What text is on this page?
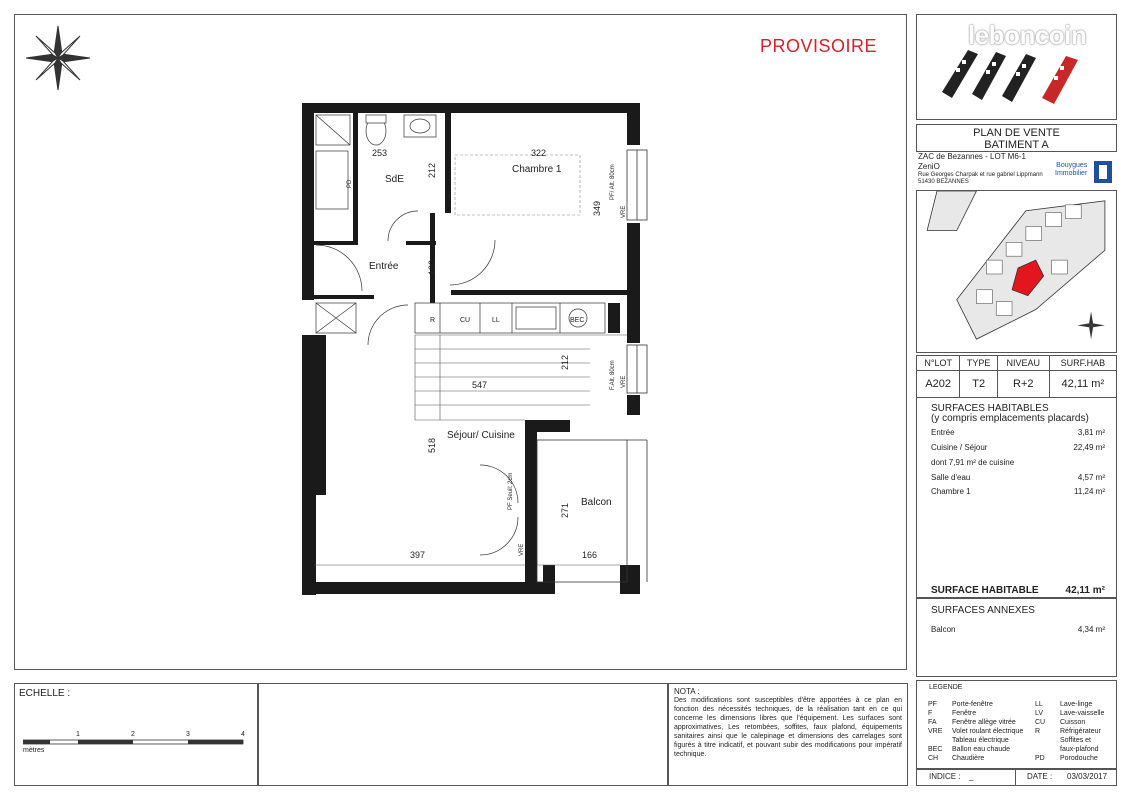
PROVISOIRE	leboncoin
PLAN DE VENTE
BATIMENT A
ZAC de Bezannes - LOT M6-1
ZeniO
Rue Georges Charpak et rue gabriel Lippmann
51430 BEZANNES
Bouygues
Immobilier
N°LOT	TYPE	NIVEAU	SURF.HAB
A202	T2	R+2	42,11 m²
SURFACES HABITABLES
(y compris emplacements placards)
Entrée	3,81 m²
Cuisine / Séjour	22,49 m²
dont 7,91 m² de cuisine
Salle d'eau	4,57 m²
Chambre 1	11,24 m²
SURFACE HABITABLE	42,11 m²
SURFACES ANNEXES
Balcon	4,34 m²
ECHELLE :
1	2	3	4
mètres
NOTA :
Des modifications sont susceptibles d'être apportées à ce plan en fonction des nécessités techniques, de la réalisation tant en ce qui concerne les dimensions libres que l'équipement. Les surfaces sont approximatives, Les retombées, soffites, faux plafond, équipements sanitaires ainsi que le calepinage et dimensions des carrelages sont figurés à titre indicatif, et pouvant subir des modifications pour impératif technique.
LEGENDE
PF Porte-fenêtre
F	Fenêtre
FA Fenêtre allège vitrée
VRE Volet roulant électrique
Tableau électrique
BEC Ballon eau chaude
CH Chaudière
LL Lave-linge
LV Lave-vaisselle
CU Cuisson
R	Réfrigérateur
Soffites et
faux-plafond
PD Porodouche
INDICE : _	DATE : 03/03/2017
SdE
Chambre 1
Entrée
Séjour/ Cuisine
Balcon
253	322
212
349
130
547
212
518
397	166
271
R	CU	LL	BEC
PD	PF/ Alt. 80cm
VRE
F.Alt. 80cm VRE
PF Seuil: 2cm
VRE
